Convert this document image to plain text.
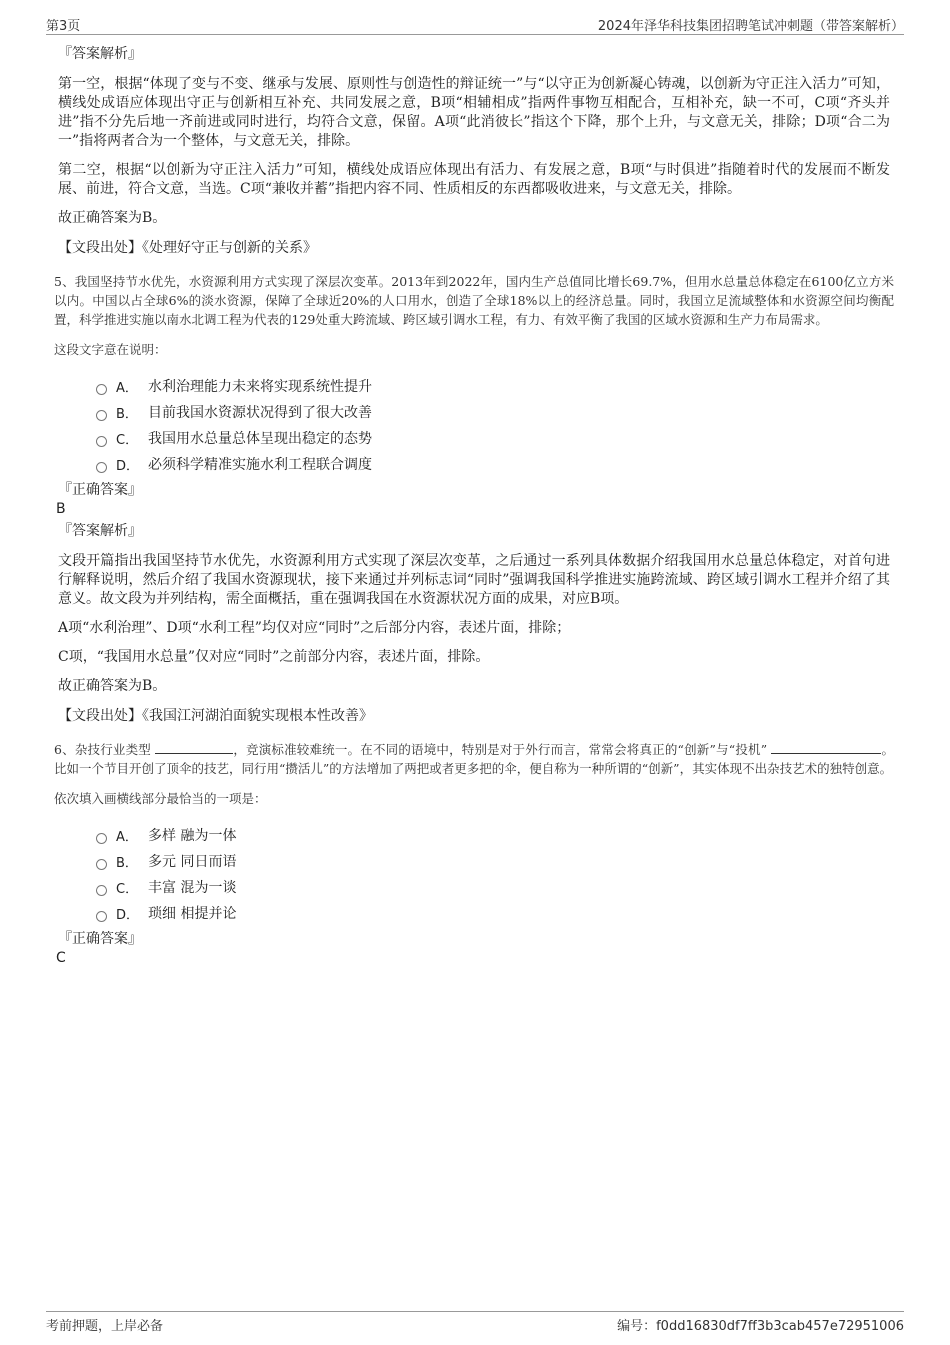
第3页	2024年泽华科技集团招聘笔试冲刺题（带答案解析）
『答案解析』
第一空，根据“体现了变与不变、继承与发展、原则性与创造性的辩证统一”与“以守正为创新凝心铸魂，以创新为守正注入活力”可知，横线处成语应体现出守正与创新相互补充、共同发展之意，B项“相辅相成”指两件事物互相配合，互相补充，缺一不可，C项“齐头并进”指不分先后地一齐前进或同时进行，均符合文意，保留。A项“此消彼长”指这个下降，那个上升，与文意无关，排除；D项“合二为一”指将两者合为一个整体，与文意无关，排除。
第二空，根据“以创新为守正注入活力”可知，横线处成语应体现出有活力、有发展之意，B项“与时俱进”指随着时代的发展而不断发展、前进，符合文意，当选。C项“兼收并蓄”指把内容不同、性质相反的东西都吸收进来，与文意无关，排除。
故正确答案为B。
【文段出处】《处理好守正与创新的关系》
5、我国坚持节水优先，水资源利用方式实现了深层次变革。2013年到2022年，国内生产总值同比增长69.7%，但用水总量总体稳定在6100亿立方米以内。中国以占全球6%的淡水资源，保障了全球近20%的人口用水，创造了全球18%以上的经济总量。同时，我国立足流域整体和水资源空间均衡配置，科学推进实施以南水北调工程为代表的129处重大跨流域、跨区域引调水工程，有力、有效平衡了我国的区域水资源和生产力布局需求。
这段文字意在说明：
A． 水利治理能力未来将实现系统性提升
B． 目前我国水资源状况得到了很大改善
C． 我国用水总量总体呈现出稳定的态势
D． 必须科学精准实施水利工程联合调度
『正确答案』
B
『答案解析』
文段开篇指出我国坚持节水优先，水资源利用方式实现了深层次变革，之后通过一系列具体数据介绍我国用水总量总体稳定，对首句进行解释说明，然后介绍了我国水资源现状，接下来通过并列标志词“同时”强调我国科学推进实施跨流域、跨区域引调水工程并介绍了其意义。故文段为并列结构，需全面概括，重在强调我国在水资源状况方面的成果，对应B项。
A项“水利治理”、D项“水利工程”均仅对应“同时”之后部分内容，表述片面，排除；
C项，“我国用水总量”仅对应“同时”之前部分内容，表述片面，排除。
故正确答案为B。
【文段出处】《我国江河湖泊面貌实现根本性改善》
6、杂技行业类型	，竞演标准较难统一。在不同的语境中，特别是对于外行而言，常常会将真正的“创新”与“投机”	。比如一个节目开创了顶伞的技艺，同行用“攒活儿”的方法增加了两把或者更多把的伞，便自称为一种所谓的“创新”，其实体现不出杂技艺术的独特创意。
依次填入画横线部分最恰当的一项是：
A． 多样 融为一体
B． 多元 同日而语
C． 丰富 混为一谈
D． 琐细 相提并论
『正确答案』
C
考前押题，上岸必备	编号：f0dd16830df7ff3b3cab457e72951006
